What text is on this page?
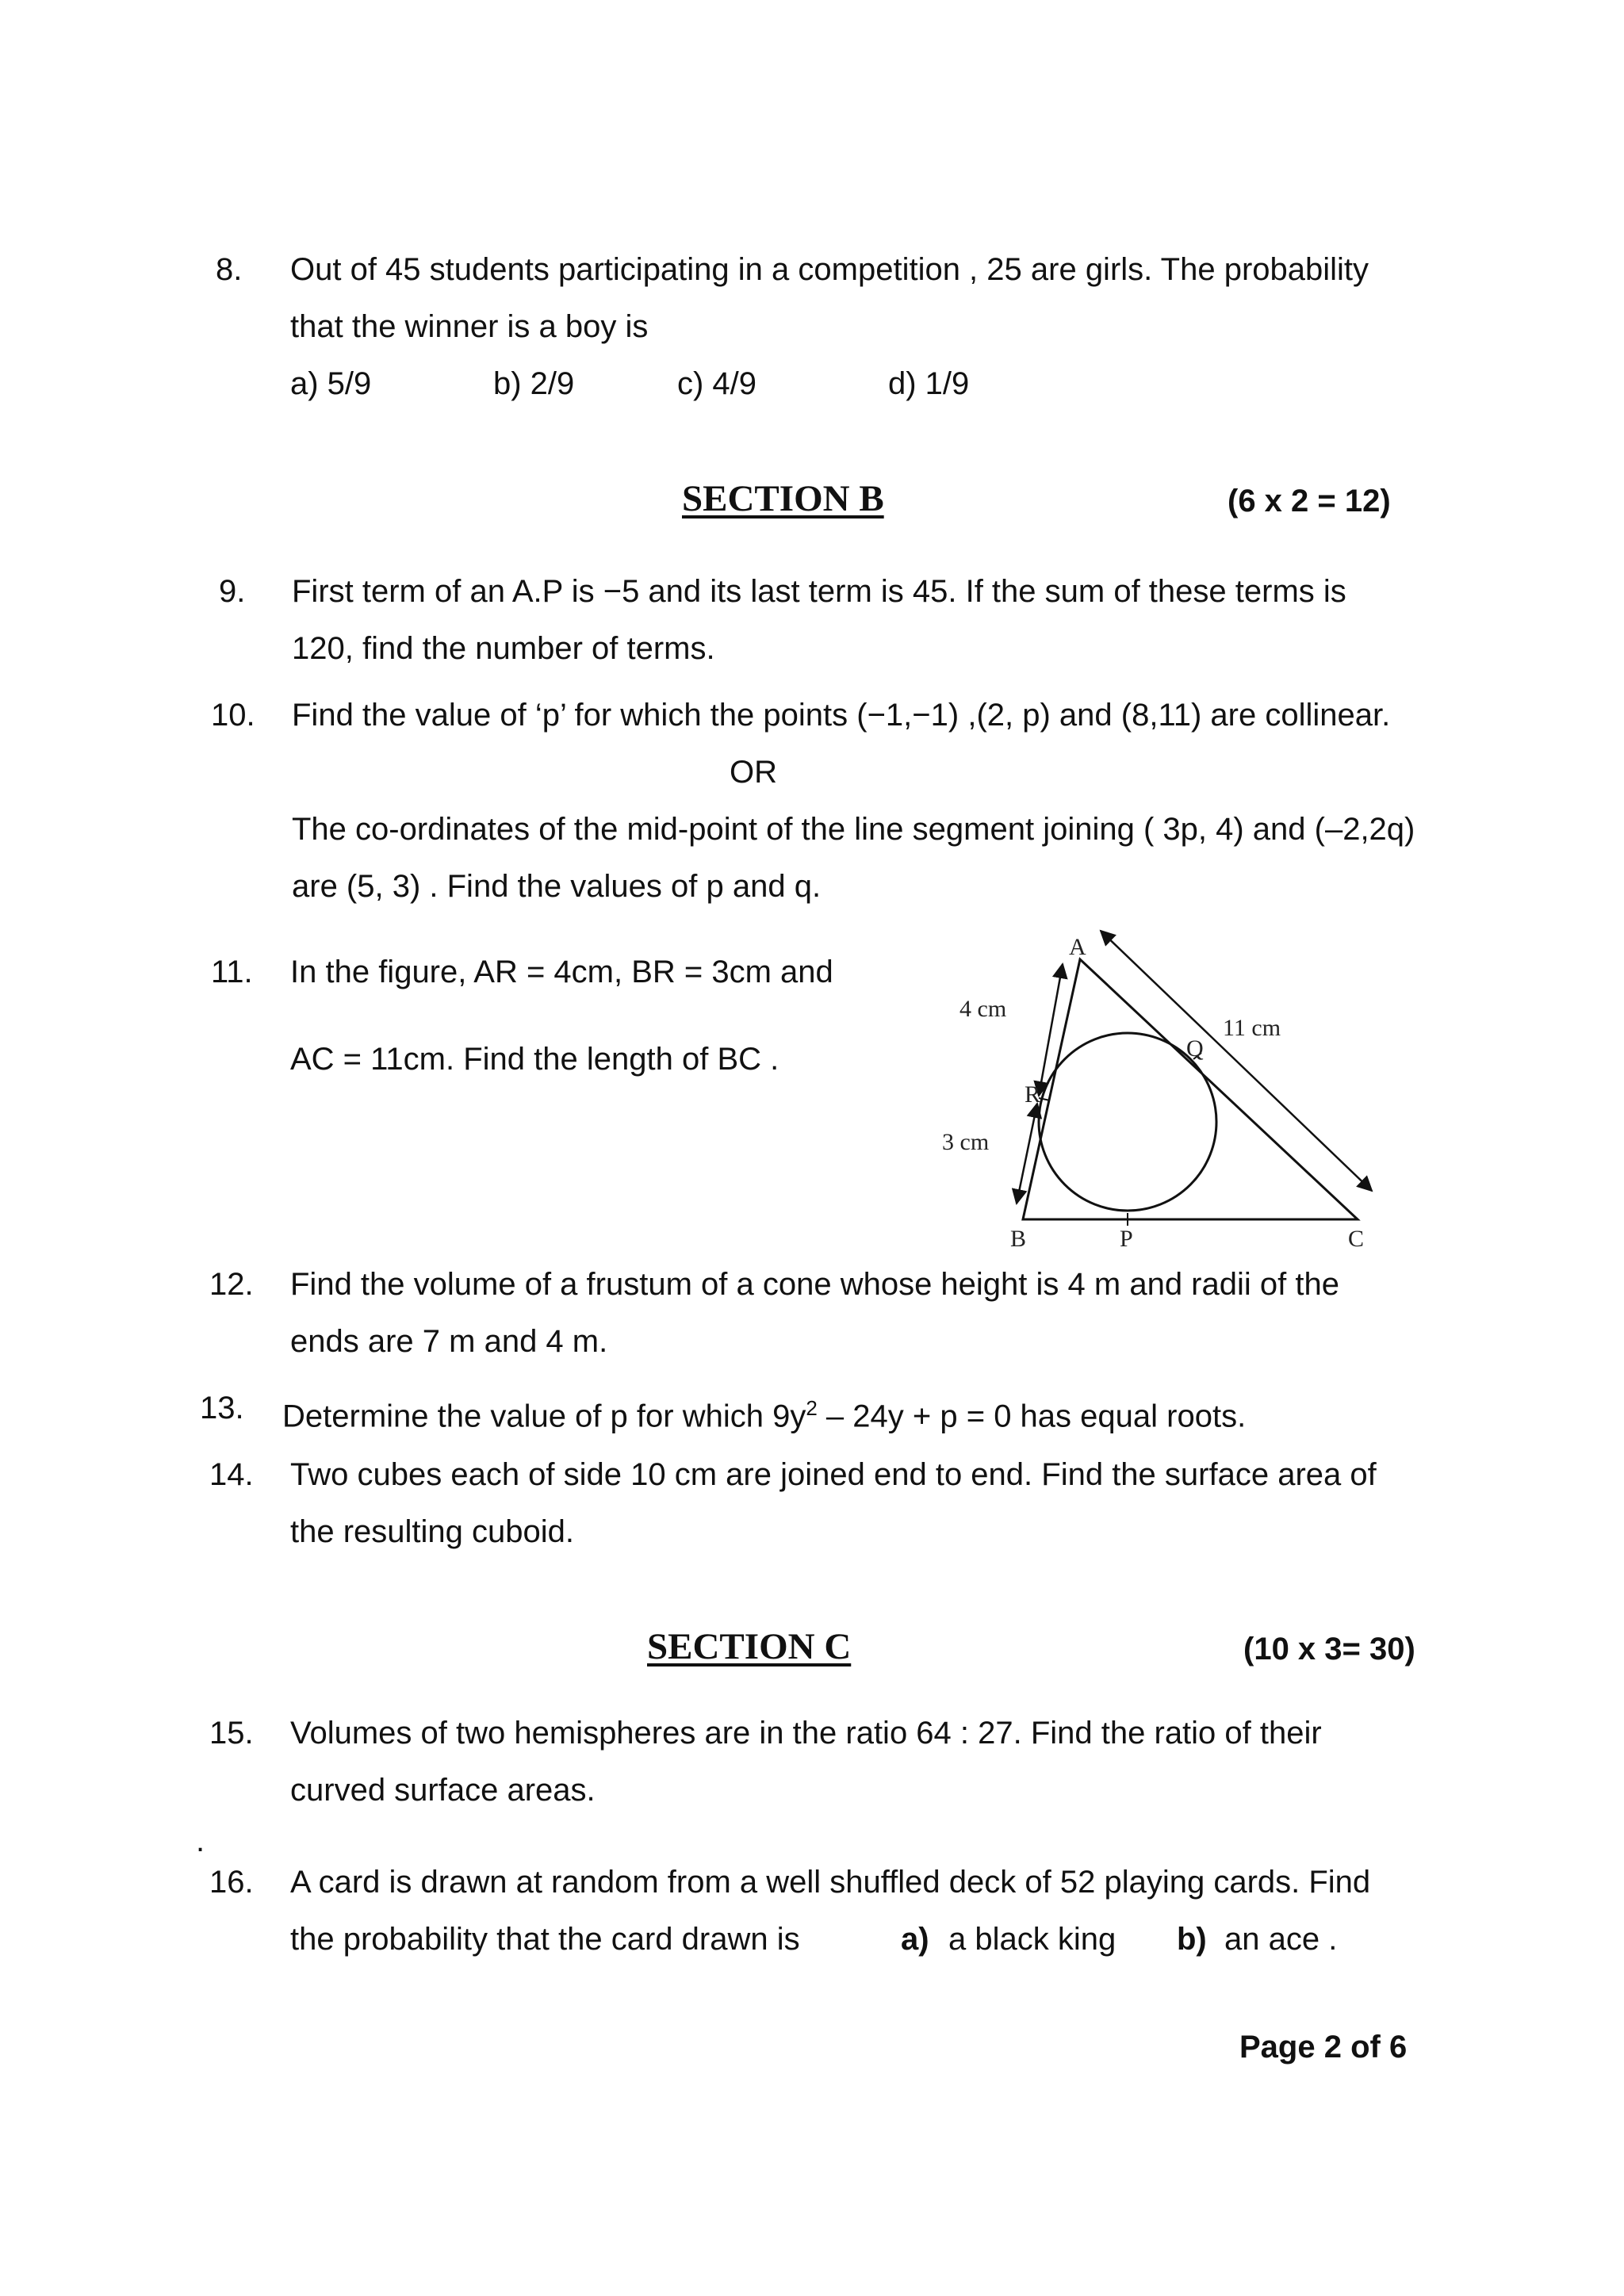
8. Out of 45 students participating in a competition , 25 are girls. The probability
that the winner is a boy is
a) 5/9	b) 2/9	c) 4/9	d) 1/9
SECTION B	(6 x 2 = 12)
9. First term of an A.P is −5 and its last term is 45. If the sum of these terms is
120, find the number of terms.
10. Find the value of ‘p’ for which the points (−1,−1) ,(2, p) and (8,11) are collinear.
OR
The co-ordinates of the mid-point of the line segment joining ( 3p, 4) and (–2,2q)
are (5, 3) . Find the values of p and q.
11. In the figure, AR = 4cm, BR = 3cm and
AC = 11cm. Find the length of BC .
A
B	C
R
Q
P
4 cm
3 cm
11 cm
12. Find the volume of a frustum of a cone whose height is 4 m and radii of the
ends are 7 m and 4 m.
13. Determine the value of p for which $9y^2 - 24y + p = 0$ has equal roots.
14. Two cubes each of side 10 cm are joined end to end. Find the surface area of
the resulting cuboid.
SECTION C	(10 x 3= 30)
15. Volumes of two hemispheres are in the ratio 64 : 27. Find the ratio of their
curved surface areas.
.
16. A card is drawn at random from a well shuffled deck of 52 playing cards. Find
the probability that the card drawn is	a) a black king b) an ace .
Page 2 of 6
